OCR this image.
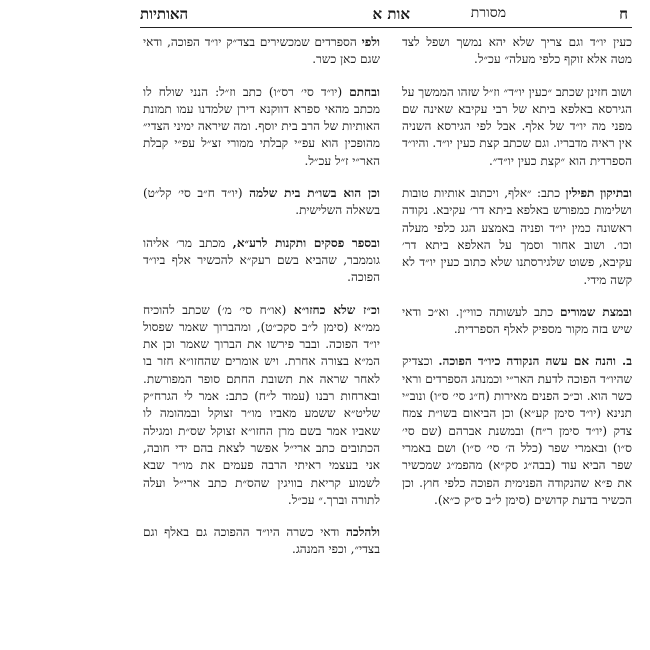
ח
מסורת
אות א
האותיות

כעין יו״ד וגם צריך שלא יהא נמשך ושפל לצד מטה אלא זוקף כלפי מעלה״ עכ״ל.

ושוב חזינן שכתב ״כעין יו״ד״ וז״ל שזהו הממשך על הגירסא באלפא ביתא של רבי עקיבא שאינה שם מפני מה יו״ד של אלף. אבל לפי הגירסא השניה אין ראיה מדבריו. וגם שכתב קצת כעין יו״ד. והיו״ד הספרדית הוא ״קצת כעין יו״ד״.

ובתיקון תפילין כתב: ״אלף, ויכתוב אותיות טובות ושלימות כמפורש באלפא ביתא דר׳ עקיבא. נקודה ראשונה כמין יו״ד ופניה באמצע הגג כלפי מעלה וכו׳. ושוב אחור וסמך על האלפא ביתא דר׳ עקיבא, פשוט שלגירסתנו שלא כתוב כעין יו״ד לא קשה מידי.

ובמצת שמורים כתב לעשותה כווי״ן. וא״כ ודאי שיש בזה מקור מספיק לאלף הספרדית.

ב. והנה אם עשה הנקודה כיו״ד הפוכה. וכצדיק שהיו״ד הפוכה לדעת האר״י וכמנהג הספרדים וראי כשר הוא. וכ״כ הפנים מאירות (ח״ג סי׳ ס״ו) ונוב״י תנינא (יו״ד סימן קע״א) וכן הביאום בשו״ת צמח צדק (יו״ד סימן ר״ח) ובמשנת אברהם (שם סי׳ ס״ו) ובאמרי שפר (כלל ה׳ סי׳ ס״ו) ושם באמרי שפר הביא עוד (בבה״ג סק״א) מהפמ״ג שמכשיר את פ״א שהנקודה הפנימית הפוכה כלפי חוץ. וכן הכשיר בדעת קדושים (סימן ל״ב ס״ק כ״א).

ולפי הספרדים שמכשירים בצד״ק יו״ד הפוכה, ודאי שגם כאן כשר.

ובחתם (יו״ד סי׳ רס״ו) כתב וז״ל: הנני שולח לו מכתב מהאי ספרא דווקנא דירן שלמדנו עמו תמונת האותיות של הרב בית יוסף. ומה שיראה ימיני הצדי״ מהופכין הוא עפ״י קבלתי ממורי זצ״ל עפ״י קבלת האר״י ז״ל עכ״ל.

וכן הוא בשו״ת בית שלמה (יו״ד ח״ב סי׳ קל״ט) בשאלה השלישית.

ובספר פסקים ותקנות לרע״א, מכתב מר׳ אליהו גוממבר, שהביא בשם רעק״א להכשיר אלף ביו״ד הפוכה.

וכ״ז שלא כחזו״א (או״ח סי׳ מ׳) שכתב להוכיח ממ״א (סימן ל״ב סקכ״ט), ומהברוך שאמר שפסול יו״ד הפוכה. ובבר פירשו את הברוך שאמר וכן את המ״א בצורה אחרת. ויש אומרים שהחזו״א חזר בו לאחר שראה את תשובת החתם סופר המפורשת. ובארחות רבנו (עמוד ל״ח) כתב: אמר לי הגרח״ק שליט״א ששמע מאביו מו״ר זצוקל ובמהומה לו שאביו אמר בשם מרן החזו״א זצוקל שס״ת ומגילה הכתובים כתב ארי״ל אפשר לצאת בהם ידי חובה, אני בעצמי ראיתי הרבה פעמים את מו״ר שבא לשמוע קריאת בוויגין שהס״ת כתב ארי״ל ועלה לתורה וברך.״ עכ״ל.

ולהלכה ודאי כשרה היו״ד ההפוכה גם באלף וגם בצדי״, וכפי המנהג.
